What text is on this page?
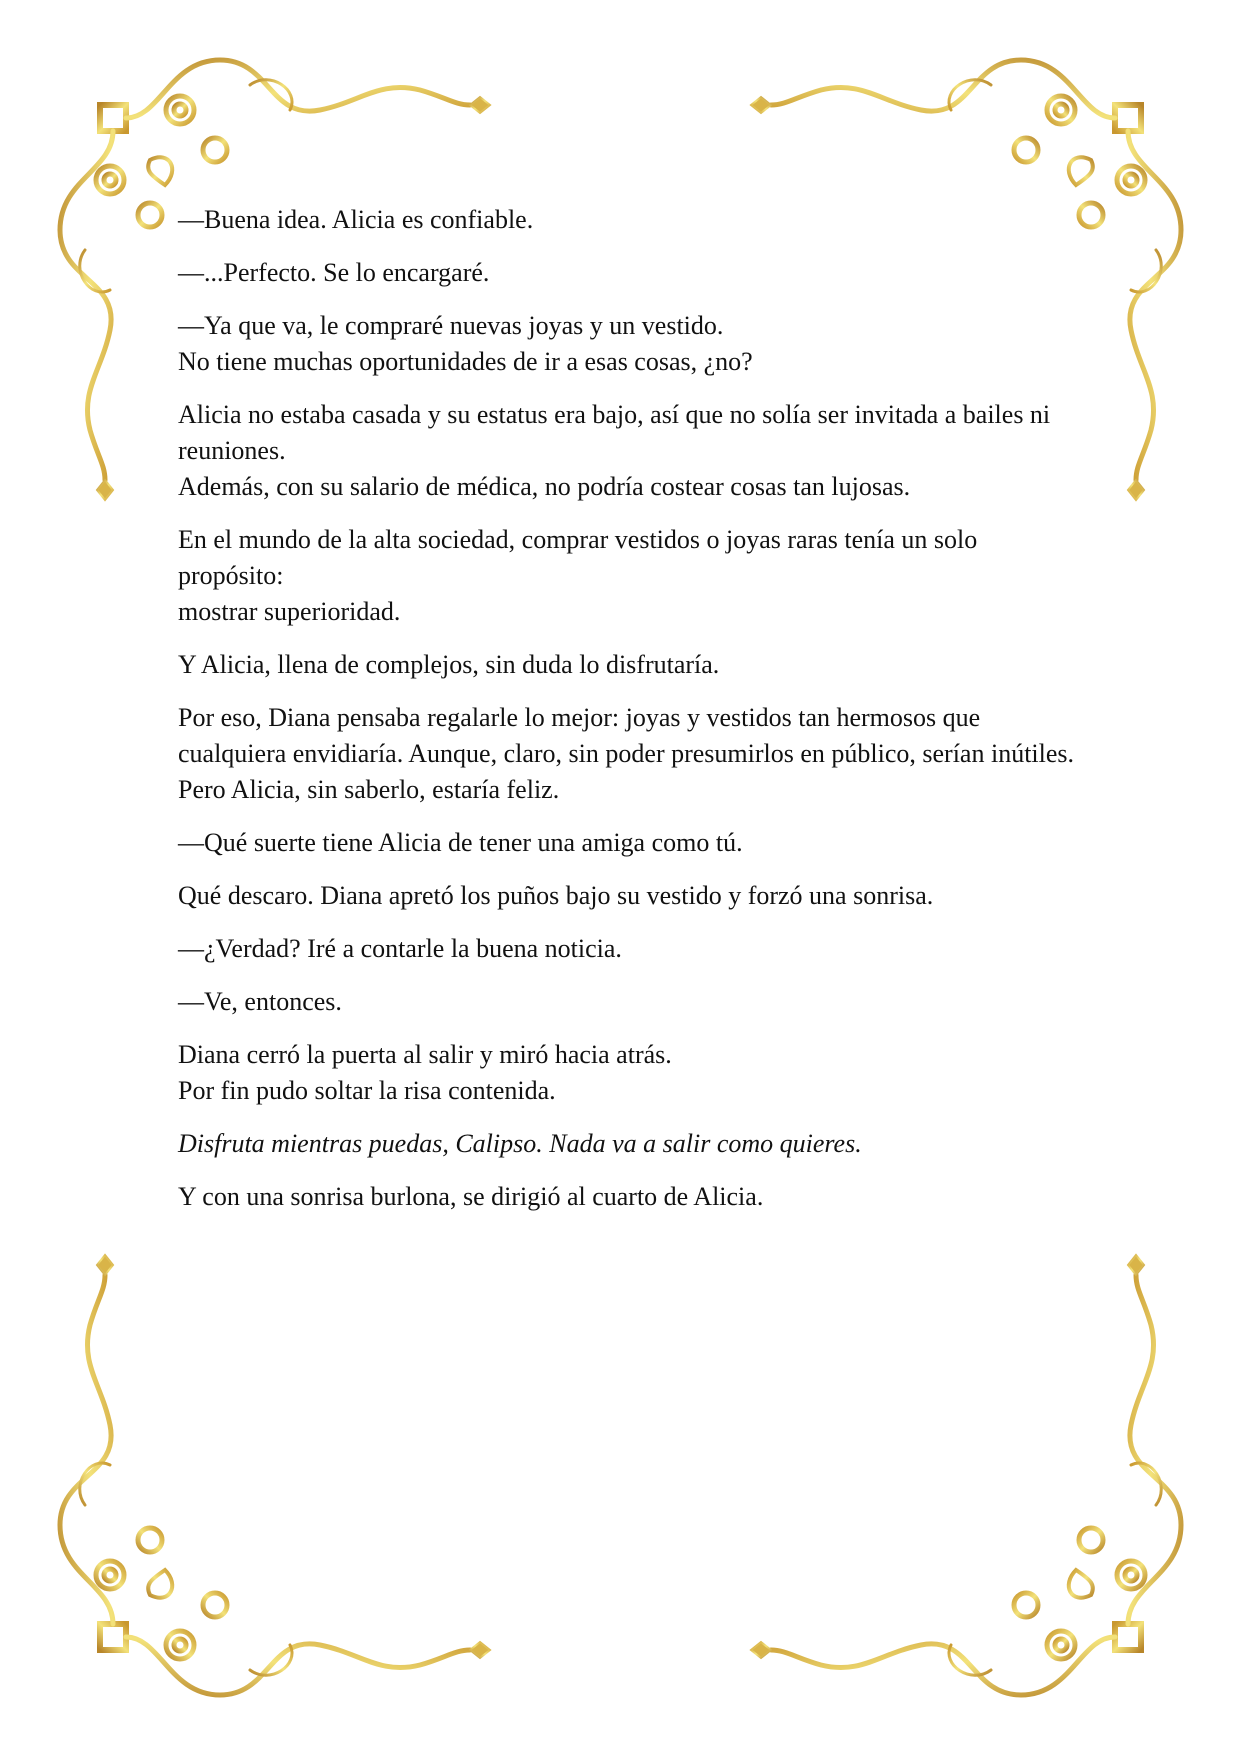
—Buena idea. Alicia es confiable.

—...Perfecto. Se lo encargaré.

—Ya que va, le compraré nuevas joyas y un vestido.
No tiene muchas oportunidades de ir a esas cosas, ¿no?

Alicia no estaba casada y su estatus era bajo, así que no solía ser invitada a bailes ni reuniones.
Además, con su salario de médica, no podría costear cosas tan lujosas.

En el mundo de la alta sociedad, comprar vestidos o joyas raras tenía un solo propósito:
mostrar superioridad.

Y Alicia, llena de complejos, sin duda lo disfrutaría.

Por eso, Diana pensaba regalarle lo mejor: joyas y vestidos tan hermosos que cualquiera envidiaría. Aunque, claro, sin poder presumirlos en público, serían inútiles.
Pero Alicia, sin saberlo, estaría feliz.

—Qué suerte tiene Alicia de tener una amiga como tú.

Qué descaro. Diana apretó los puños bajo su vestido y forzó una sonrisa.

—¿Verdad? Iré a contarle la buena noticia.

—Ve, entonces.

Diana cerró la puerta al salir y miró hacia atrás.
Por fin pudo soltar la risa contenida.

Disfruta mientras puedas, Calipso. Nada va a salir como quieres.

Y con una sonrisa burlona, se dirigió al cuarto de Alicia.
